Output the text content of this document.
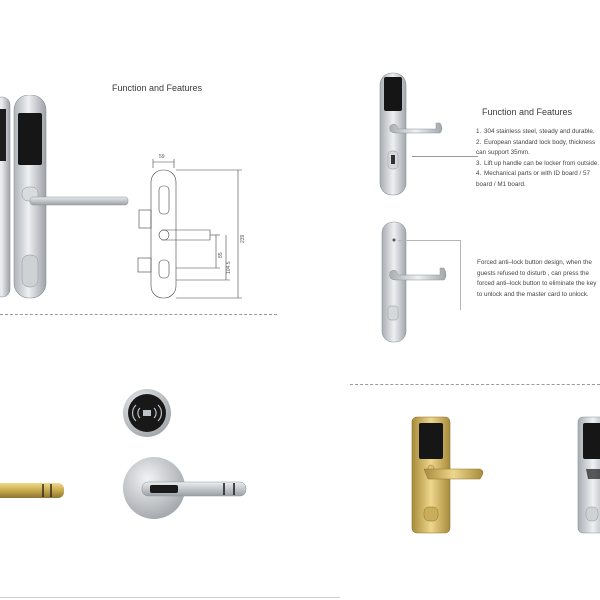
Function and Features
59
239
85
104.5
Function and Features
1. 304 stainless steel, steady and durable.
2. European standard lock body, thickness can support 35mm.
3. Lift up handle can be locker from outside.
4. Mechanical parts or with ID board / 57 board / M1 board.
Forced anti–lock button design, when the guests refused to disturb , can press the forced anti–lock button to eliminate the key to unlock and the master card to unlock.
